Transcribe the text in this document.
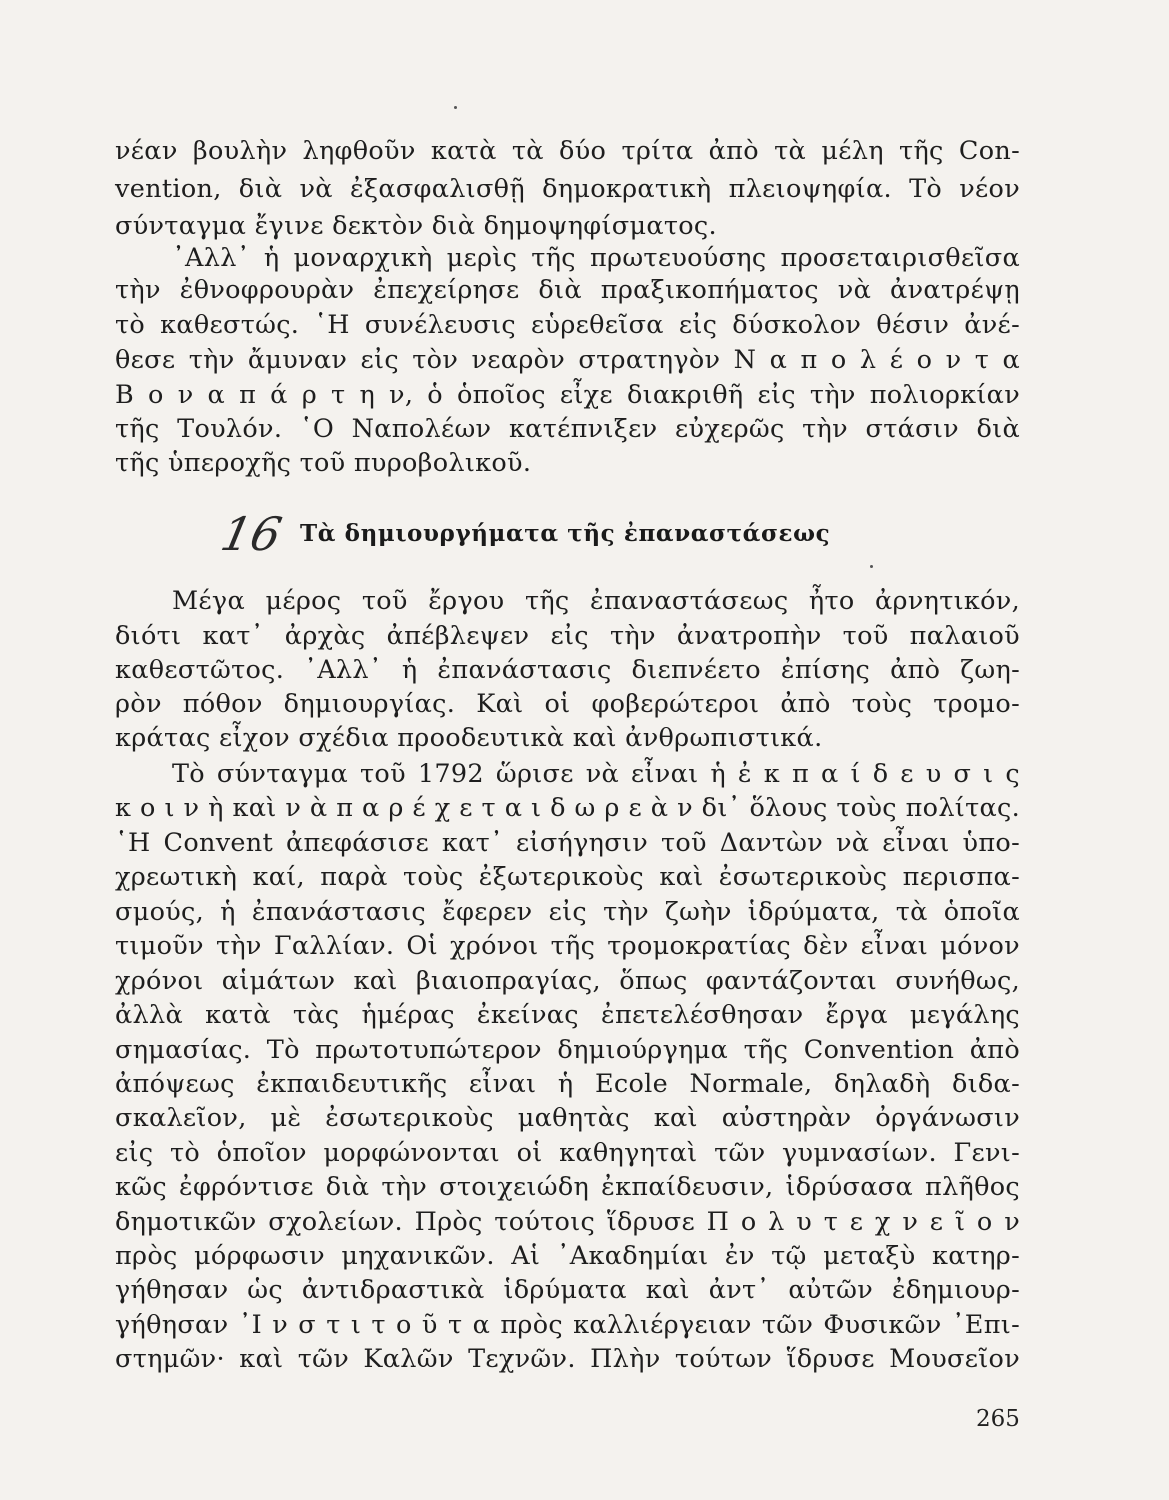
νέαν βουλὴν ληφθοῦν κατὰ τὰ δύο τρίτα ἀπὸ τὰ μέλη τῆς Con-
vention, διὰ νὰ ἐξασφαλισθῇ δημοκρατικὴ πλειοψηφία. Τὸ νέον
σύνταγμα ἔγινε δεκτὸν διὰ δημοψηφίσματος.
᾿Αλλ᾿ ἡ μοναρχικὴ μερὶς τῆς πρωτευούσης προσεταιρισθεῖσα
τὴν ἐθνοφρουρὰν ἐπεχείρησε διὰ πραξικοπήματος νὰ ἀνατρέψῃ
τὸ καθεστώς. ῾Η συνέλευσις εὑρεθεῖσα εἰς δύσκολον θέσιν ἀνέ-
θεσε τὴν ἄμυναν εἰς τὸν νεαρὸν στρατηγὸν Ν α π ο λ έ ο ν τ α
Β ο ν α π ά ρ τ η ν, ὁ ὁποῖος εἶχε διακριθῆ εἰς τὴν πολιορκίαν
τῆς Τουλόν. ῾Ο Ναπολέων κατέπνιξεν εὐχερῶς τὴν στάσιν διὰ
τῆς ὑπεροχῆς τοῦ πυροβολικοῦ.
16 Τὰ δημιουργήματα τῆς ἐπαναστάσεως
Μέγα μέρος τοῦ ἔργου τῆς ἐπαναστάσεως ἦτο ἀρνητικόν,
διότι κατ᾿ ἀρχὰς ἀπέβλεψεν εἰς τὴν ἀνατροπὴν τοῦ παλαιοῦ
καθεστῶτος. ᾿Αλλ᾿ ἡ ἐπανάστασις διεπνέετο ἐπίσης ἀπὸ ζωη-
ρὸν πόθον δημιουργίας. Καὶ οἱ φοβερώτεροι ἀπὸ τοὺς τρομο-
κράτας εἶχον σχέδια προοδευτικὰ καὶ ἀνθρωπιστικά.
Τὸ σύνταγμα τοῦ 1792 ὥρισε νὰ εἶναι ἡ ἐ κ π α ί δ ε υ σ ι ς
κ ο ι ν ὴ καὶ ν ὰ π α ρ έ χ ε τ α ι δ ω ρ ε ὰ ν δι᾿ ὅλους τοὺς πολίτας.
῾Η Convent ἀπεφάσισε κατ᾿ εἰσήγησιν τοῦ Δαντὼν νὰ εἶναι ὑπο-
χρεωτικὴ καί, παρὰ τοὺς ἐξωτερικοὺς καὶ ἐσωτερικοὺς περισπα-
σμούς, ἡ ἐπανάστασις ἔφερεν εἰς τὴν ζωὴν ἱδρύματα, τὰ ὁποῖα
τιμοῦν τὴν Γαλλίαν. Οἱ χρόνοι τῆς τρομοκρατίας δὲν εἶναι μόνον
χρόνοι αἱμάτων καὶ βιαιοπραγίας, ὅπως φαντάζονται συνήθως,
ἀλλὰ κατὰ τὰς ἡμέρας ἐκείνας ἐπετελέσθησαν ἔργα μεγάλης
σημασίας. Τὸ πρωτοτυπώτερον δημιούργημα τῆς Convention ἀπὸ
ἀπόψεως ἐκπαιδευτικῆς εἶναι ἡ Ecole Normale, δηλαδὴ διδα-
σκαλεῖον, μὲ ἐσωτερικοὺς μαθητὰς καὶ αὐστηρὰν ὀργάνωσιν
εἰς τὸ ὁποῖον μορφώνονται οἱ καθηγηταὶ τῶν γυμνασίων. Γενι-
κῶς ἐφρόντισε διὰ τὴν στοιχειώδη ἐκπαίδευσιν, ἱδρύσασα πλῆθος
δημοτικῶν σχολείων. Πρὸς τούτοις ἵδρυσε Π ο λ υ τ ε χ ν ε ῖ ο ν
πρὸς μόρφωσιν μηχανικῶν. Αἱ ᾿Ακαδημίαι ἐν τῷ μεταξὺ κατηρ-
γήθησαν ὡς ἀντιδραστικὰ ἱδρύματα καὶ ἀντ᾿ αὐτῶν ἐδημιουρ-
γήθησαν ᾿Ι ν σ τ ι τ ο ῦ τ α πρὸς καλλιέργειαν τῶν Φυσικῶν ᾿Επι-
στημῶν· καὶ τῶν Καλῶν Τεχνῶν. Πλὴν τούτων ἵδρυσε Μουσεῖον
265
